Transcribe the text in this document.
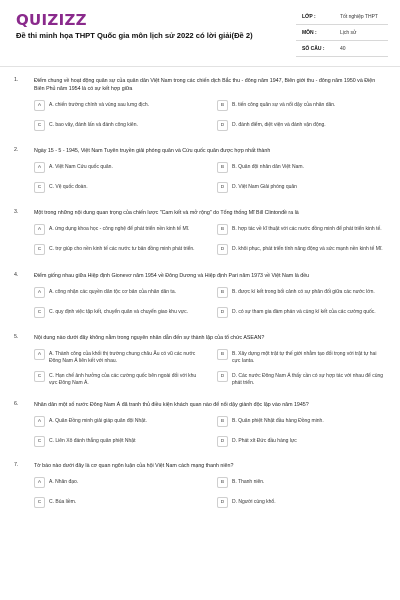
QUIZIZZ
Đề thi minh họa THPT Quốc gia môn lịch sử 2022 có lời giải(Đề 2)
LỚP :	Tốt nghiệp THPT
MÔN :	Lịch sử
SỐ CÂU :	40
1.	Điểm chung về hoạt động quân sự của quân dân Việt Nam trong các chiến dịch Bắc thu - đông năm 1947, Biên giới thu - đông năm 1950 và Điện Biên Phủ năm 1954 là có sự kết hợp giữa
A	A. chiến trường chính và vùng sau lưng địch.	B	B. tiến công quân sự và nổi dậy của nhân dân.
C	C. bao vây, đánh lấn và đánh công kiên.	D	D. đánh điểm, diệt viện và đánh vận động.
2.	Ngày 15 - 5 - 1945, Việt Nam Tuyên truyền giải phóng quân và Cứu quốc quân được hợp nhất thành
A	A. Việt Nam Cứu quốc quân.	B	B. Quân đội nhân dân Việt Nam.
C	C. Vệ quốc đoàn.	D	D. Việt Nam Giải phóng quân
3.	Một trong những nội dung quan trọng của chiến lược "Cam kết và mở rộng" do Tổng thống Mĩ Bill Clintonđề ra là
A	A. ứng dụng khoa học - công nghệ để phát triển nền kinh tế Mĩ.	B	B. hợp tác về kĩ thuật với các nước đồng minh để phát triển kinh tế.
C	C. trợ giúp cho nền kinh tế các nước tư bản đồng minh phát triển.	D	D. khôi phục, phát triển tính năng động và sức mạnh nền kinh tế Mĩ.
4.	Điểm giống nhau giữa Hiệp định Gionevơ năm 1954 về Đông Dương và Hiệp định Pari năm 1973 về Việt Nam là đều
A	A. công nhận các quyền dân tộc cơ bản của nhân dân ta.	B	B. được kí kết trong bối cảnh có sự phân đối giữa các nước lớn.
C	C. quy định việc tập kết, chuyển quân và chuyển giao khu vực.	D	D. có sự tham gia đàm phán và cùng kí kết của các cường quốc.
5.	Nội dung nào dưới đây không nằm trong nguyên nhân dẫn đến sự thành lập của tổ chức ASEAN?
A	A. Thành công của khối thị trường chung châu Âu có vũ các nước Đông Nam Á liên kết với nhau.
B	B. Xây dựng một trật tự thế giới nhằm tạo đối trọng với trật tự hai cực Ianta.
C	C. Hạn chế ảnh hưởng của các cường quốc bên ngoài đối với khu vực Đông Nam Á.
D	D. Các nước Đông Nam Á thấy cần có sự hợp tác với nhau để cùng phát triển.
6.	Nhân dân một số nước Đông Nam Á đã tranh thủ điều kiện khách quan nào để nổi dậy giành độc lập vào năm 1945?
A	A. Quân Đồng minh giải giáp quân đội Nhật.	B	B. Quân phiệt Nhật đầu hàng Đồng minh.
C	C. Liên Xô đánh thắng quân phiệt Nhật	D	D. Phát xít Đức đầu hàng lực
7.	Tờ báo nào dưới đây là cơ quan ngôn luận của hội Việt Nam cách mạng thanh niên?
A	A. Nhân đạo.	B	B. Thanh niên.
C	C. Búa liềm.	D	D. Người cùng khổ.
